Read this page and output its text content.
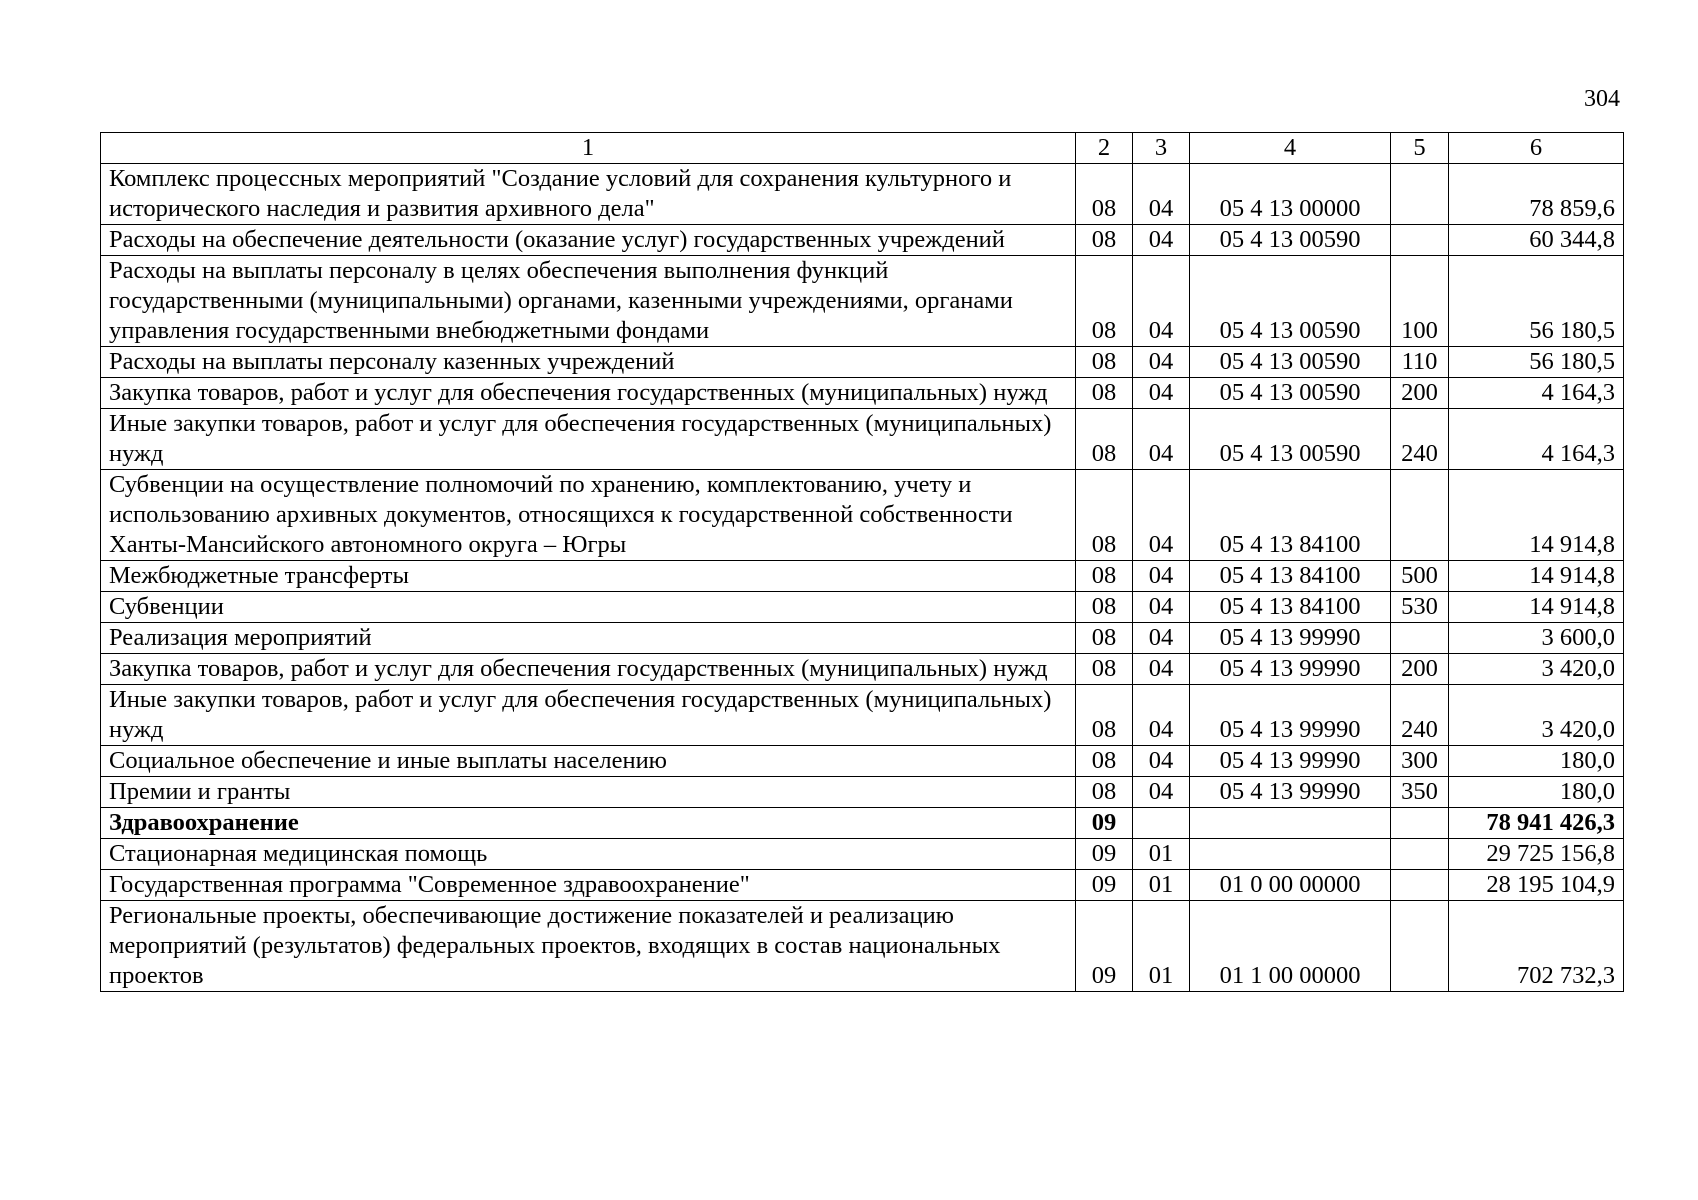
304
1	2	3	4	5	6
Комплекс процессных мероприятий "Создание условий для сохранения культурного и исторического наследия и развития архивного дела"	08	04	05 4 13 00000		78 859,6
Расходы на обеспечение деятельности (оказание услуг) государственных учреждений	08	04	05 4 13 00590		60 344,8
Расходы на выплаты персоналу в целях обеспечения выполнения функций государственными (муниципальными) органами, казенными учреждениями, органами управления государственными внебюджетными фондами	08	04	05 4 13 00590	100	56 180,5
Расходы на выплаты персоналу казенных учреждений	08	04	05 4 13 00590	110	56 180,5
Закупка товаров, работ и услуг для обеспечения государственных (муниципальных) нужд	08	04	05 4 13 00590	200	4 164,3
Иные закупки товаров, работ и услуг для обеспечения государственных (муниципальных) нужд	08	04	05 4 13 00590	240	4 164,3
Субвенции на осуществление полномочий по хранению, комплектованию, учету и использованию архивных документов, относящихся к государственной собственности Ханты-Мансийского автономного округа – Югры	08	04	05 4 13 84100		14 914,8
Межбюджетные трансферты	08	04	05 4 13 84100	500	14 914,8
Субвенции	08	04	05 4 13 84100	530	14 914,8
Реализация мероприятий	08	04	05 4 13 99990		3 600,0
Закупка товаров, работ и услуг для обеспечения государственных (муниципальных) нужд	08	04	05 4 13 99990	200	3 420,0
Иные закупки товаров, работ и услуг для обеспечения государственных (муниципальных) нужд	08	04	05 4 13 99990	240	3 420,0
Социальное обеспечение и иные выплаты населению	08	04	05 4 13 99990	300	180,0
Премии и гранты	08	04	05 4 13 99990	350	180,0
Здравоохранение	09				78 941 426,3
Стационарная медицинская помощь	09	01			29 725 156,8
Государственная программа "Современное здравоохранение"	09	01	01 0 00 00000		28 195 104,9
Региональные проекты, обеспечивающие достижение показателей и реализацию мероприятий (результатов) федеральных проектов, входящих в состав национальных проектов	09	01	01 1 00 00000		702 732,3
